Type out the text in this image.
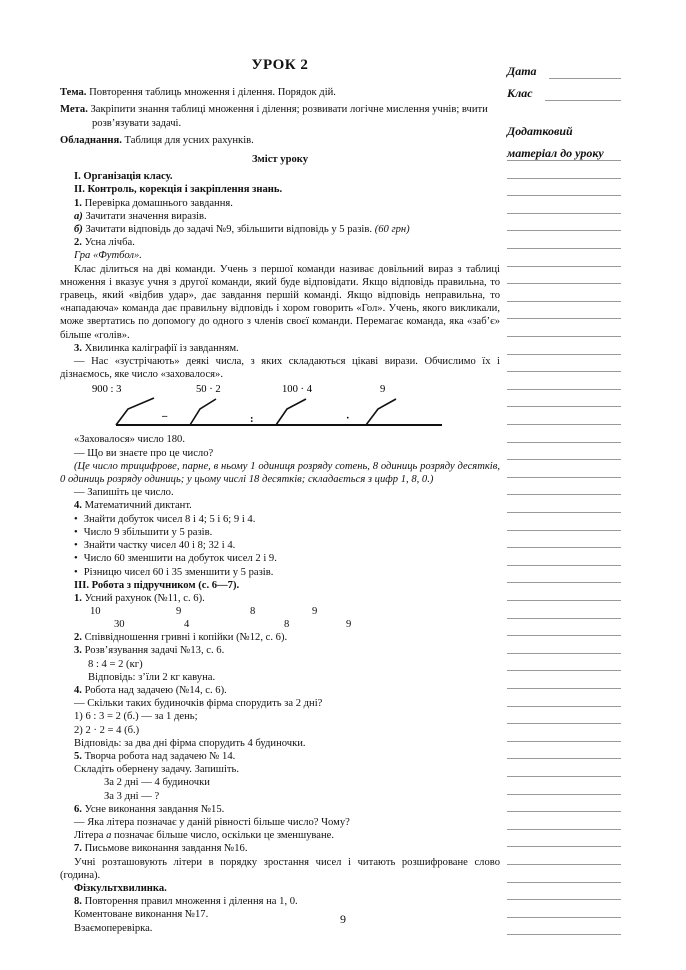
УРОК 2
Тема. Повторення таблиць множення і ділення. Порядок дій.
Мета. Закріпити знання таблиці множення і ділення; розвивати логічне мислення учнів; вчити розв’язувати задачі.
Обладнання. Таблиця для усних рахунків.
Зміст уроку
I. Організація класу.
II. Контроль, корекція і закріплення знань.
1. Перевірка домашнього завдання.
а) Зачитати значення виразів.
б) Зачитати відповідь до задачі №9, збільшити відповідь у 5 разів. (60 грн)
2. Усна лічба.
Гра «Футбол».
Клас ділиться на дві команди. Учень з першої команди називає довільний вираз з таблиці множення і вказує учня з другої команди, який буде відповідати. Якщо відповідь правильна, то гравець, який «відбив удар», дає завдання першій команді. Якщо відповідь неправильна, то «нападаюча» команда дає правильну відповідь і хором говорить «Гол». Учень, якого викликали, може звертатись по допомогу до одного з членів своєї команди. Перемагає команда, яка «заб’є» більше «голів».
3. Хвилинка каліграфії із завданням.
— Нас «зустрічають» деякі числа, з яких складаються цікаві вирази. Обчислимо їх і дізнаємось, яке число «заховалося».
900 : 3	50 · 2	100 · 4	9
–	:	·
«Заховалося» число 180.
— Що ви знаєте про це число?
(Це число трицифрове, парне, в ньому 1 одиниця розряду сотень, 8 одиниць розряду десятків, 0 одиниць розряду одиниць; у цьому числі 18 десятків; складається з цифр 1, 8, 0.)
— Запишіть це число.
4. Математичний диктант.
• Знайти добуток чисел 8 і 4; 5 і 6; 9 і 4.
• Число 9 збільшити у 5 разів.
• Знайти частку чисел 40 і 8; 32 і 4.
• Число 60 зменшити на добуток чисел 2 і 9.
• Різницю чисел 60 і 35 зменшити у 5 разів.
III. Робота з підручником (с. 6—7).
1. Усний рахунок (№11, с. 6).
10	9	8	9
30	4	8	9
2. Співвідношення гривні і копійки (№12, с. 6).
3. Розв’язування задачі №13, с. 6.
8 : 4 = 2 (кг)
Відповідь: з’їли 2 кг кавуна.
4. Робота над задачею (№14, с. 6).
— Скільки таких будиночків фірма спорудить за 2 дні?
1) 6 : 3 = 2 (б.) — за 1 день;
2) 2 · 2 = 4 (б.)
Відповідь: за два дні фірма спорудить 4 будиночки.
5. Творча робота над задачею № 14.
Складіть обернену задачу. Запишіть.
За 2 дні — 4 будиночки
За 3 дні — ?
6. Усне виконання завдання №15.
— Яка літера позначає у даній рівності більше число? Чому?
Літера а позначає більше число, оскільки це зменшуване.
7. Письмове виконання завдання №16.
Учні розташовують літери в порядку зростання чисел і читають розшифроване слово (година).
Фізкультхвилинка.
8. Повторення правил множення і ділення на 1, 0.
Коментоване виконання №17.
Взаємоперевірка.
Дата
Клас
Додатковий
матеріал до уроку
9
